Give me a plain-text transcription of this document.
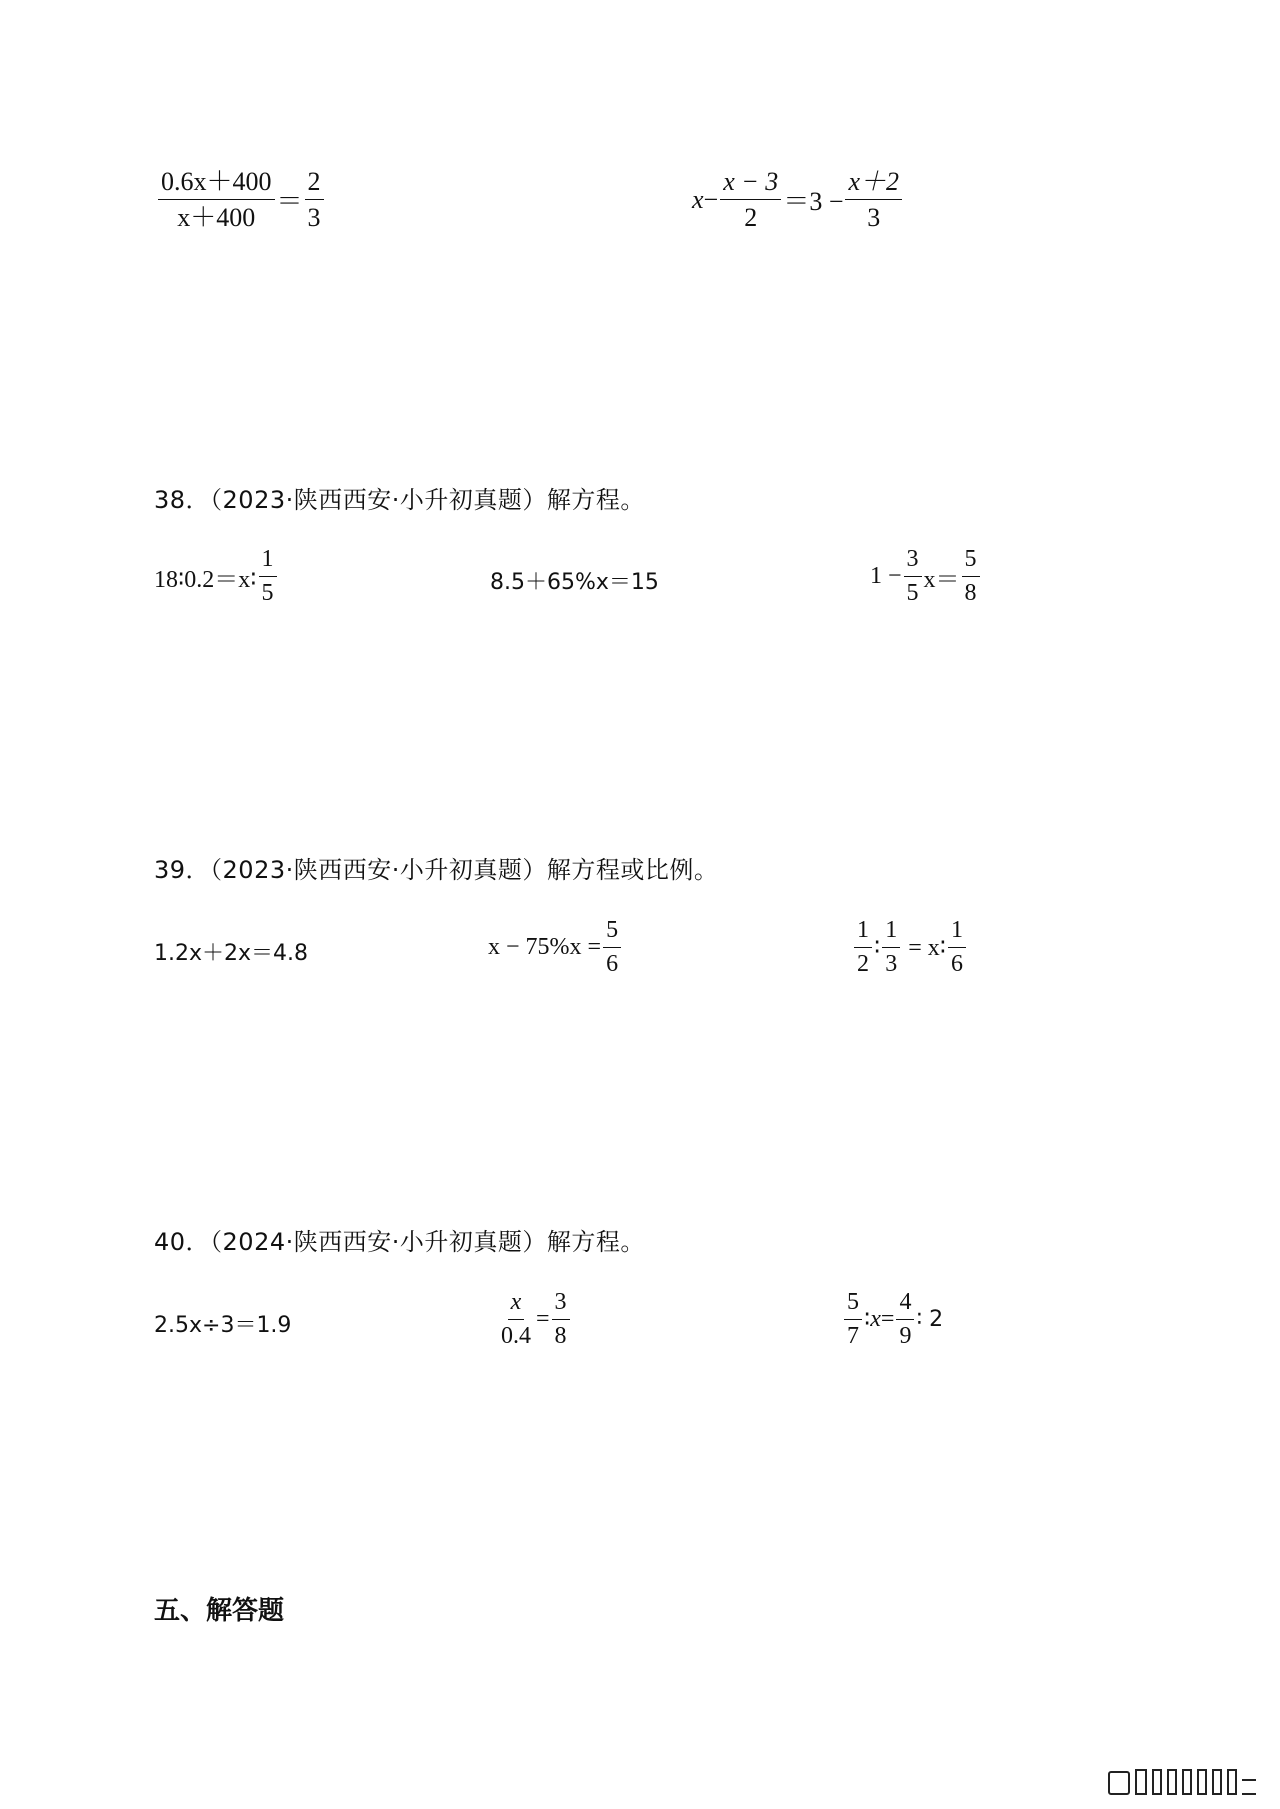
$\frac{0.6x+400}{x+400} = \frac{2}{3}$	$x - \frac{x - 3}{2} =3 - \frac{x+2}{3}$
38．（2023·陕西西安·小升初真题）解方程。
18∶0.2＝x∶ $\frac{1}{5}$	8.5＋65%x＝15	$1 - \frac{3}{5} x= \frac{5}{8}$
39．（2023·陕西西安·小升初真题）解方程或比例。
1.2x＋2x＝4.8	$x - 75\%x = \frac{5}{6}$	$\frac{1}{2}$ ∶ $\frac{1}{3}$ = x∶ $\frac{1}{6}$
40．（2024·陕西西安·小升初真题）解方程。
2.5x÷3＝1.9	$\frac{x}{0.4} = \frac{3}{8}$	$\frac{5}{7}$ ∶ $x = \frac{4}{9}$ ∶ 2
五、解答题
